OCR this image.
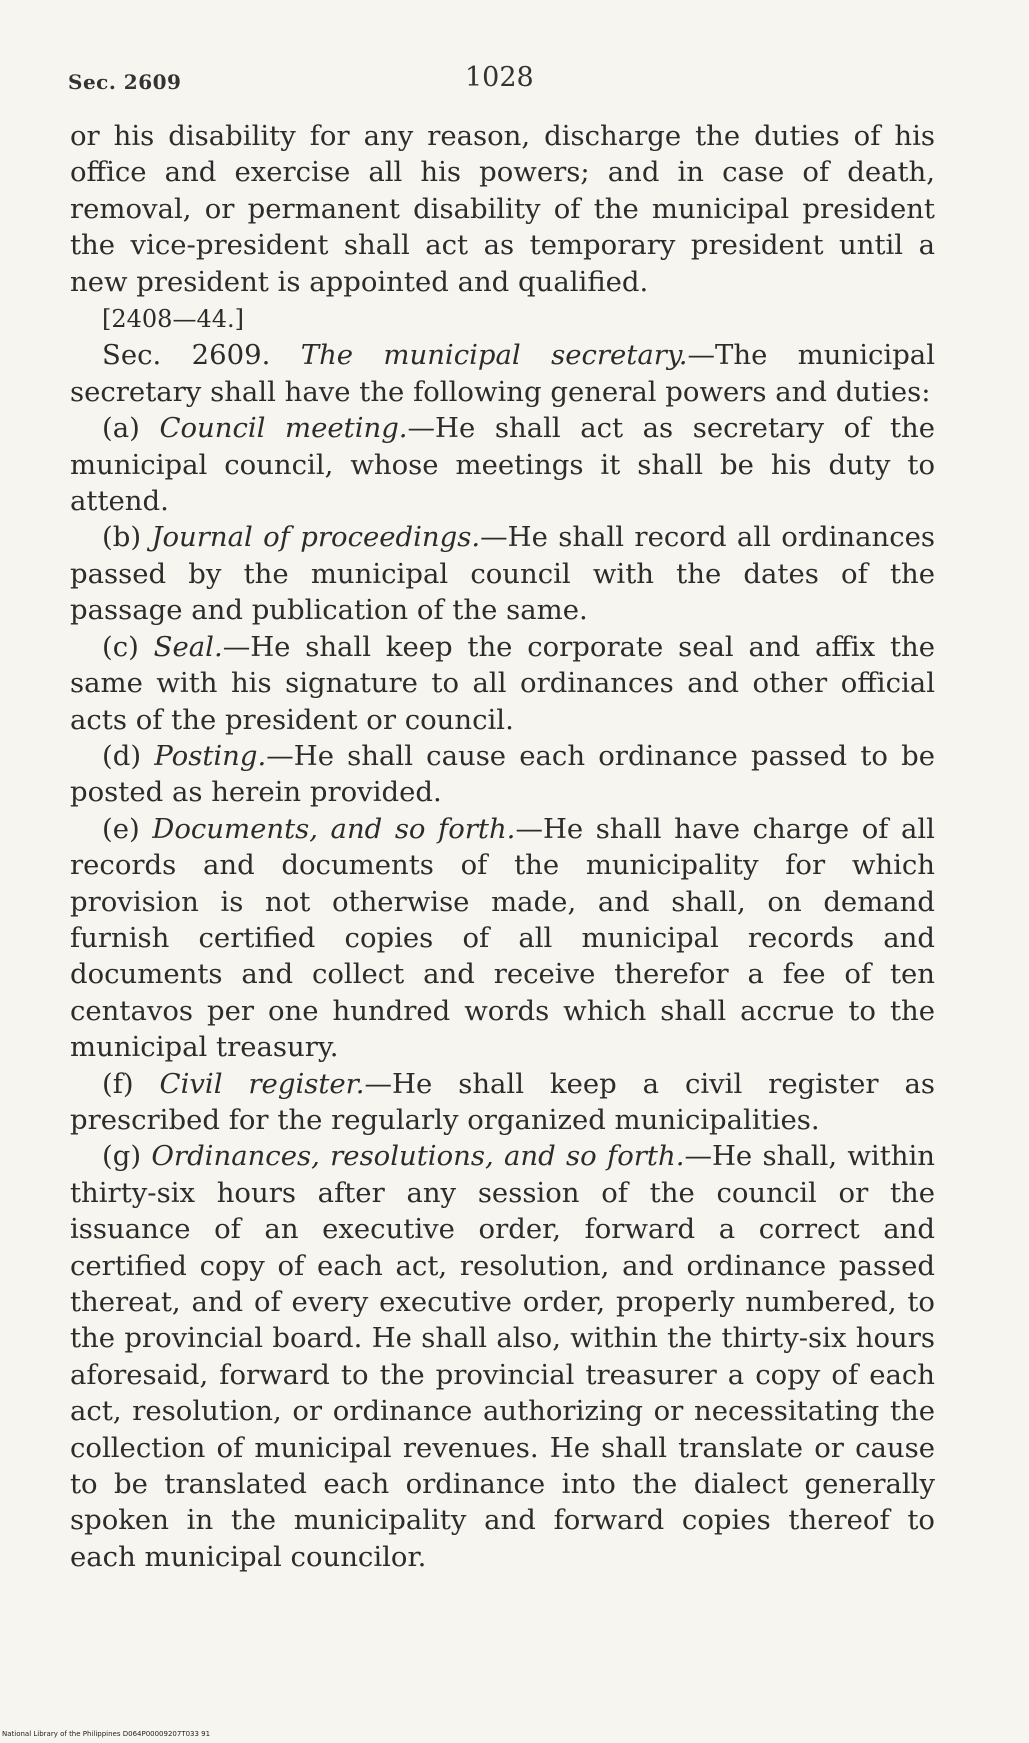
Sec. 2609	1028

or his disability for any reason, discharge the duties of his office and exercise all his powers; and in case of death, removal, or permanent disability of the municipal president the vice-president shall act as temporary president until a new president is appointed and qualified.

[2408—44.]

Sec. 2609. The municipal secretary.—The municipal secretary shall have the following general powers and duties:

(a) Council meeting.—He shall act as secretary of the municipal council, whose meetings it shall be his duty to attend.

(b) Journal of proceedings.—He shall record all ordinances passed by the municipal council with the dates of the passage and publication of the same.

(c) Seal.—He shall keep the corporate seal and affix the same with his signature to all ordinances and other official acts of the president or council.

(d) Posting.—He shall cause each ordinance passed to be posted as herein provided.

(e) Documents, and so forth.—He shall have charge of all records and documents of the municipality for which provision is not otherwise made, and shall, on demand furnish certified copies of all municipal records and documents and collect and receive therefor a fee of ten centavos per one hundred words which shall accrue to the municipal treasury.

(f) Civil register.—He shall keep a civil register as prescribed for the regularly organized municipalities.

(g) Ordinances, resolutions, and so forth.—He shall, within thirty-six hours after any session of the council or the issuance of an executive order, forward a correct and certified copy of each act, resolution, and ordinance passed thereat, and of every executive order, properly numbered, to the provincial board. He shall also, within the thirty-six hours aforesaid, forward to the provincial treasurer a copy of each act, resolution, or ordinance authorizing or necessitating the collection of municipal revenues. He shall translate or cause to be translated each ordinance into the dialect generally spoken in the municipality and forward copies thereof to each municipal councilor.

National Library of the Philippines D064P00009207T033 91
